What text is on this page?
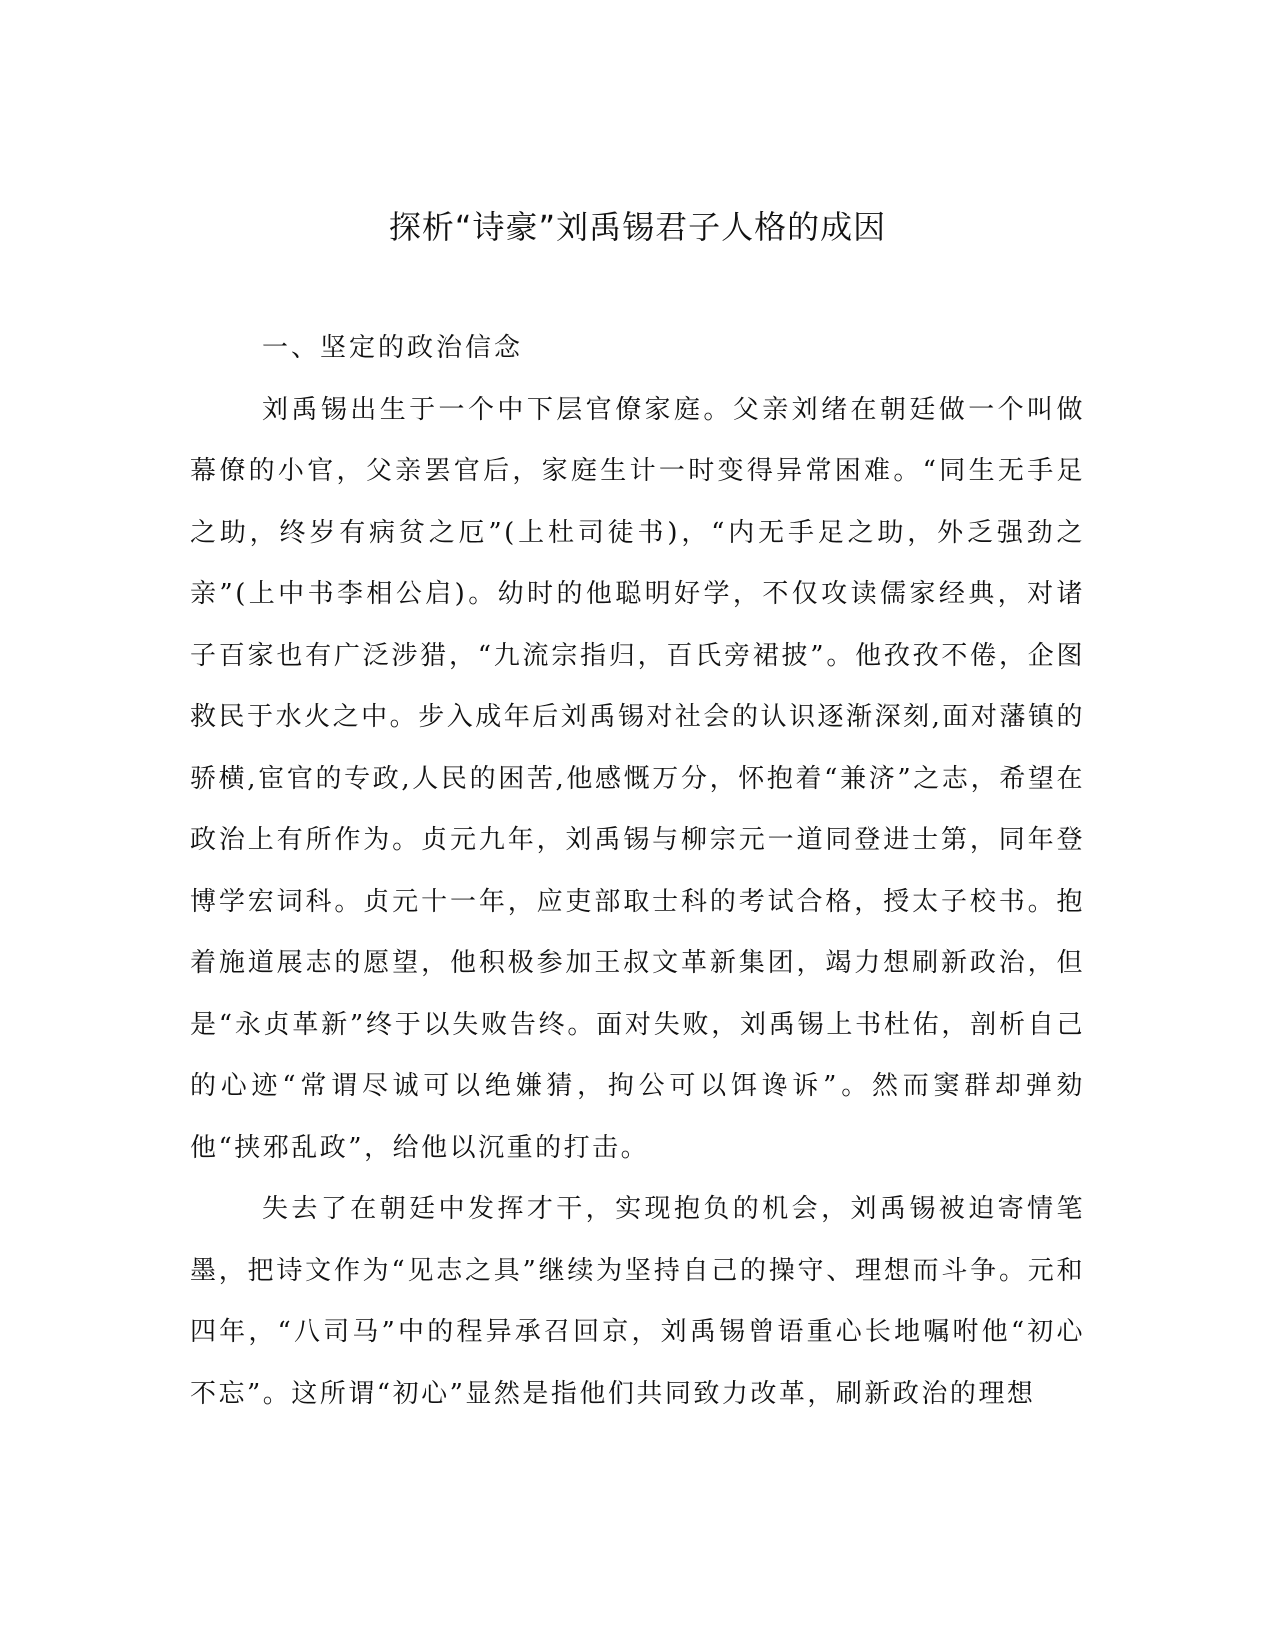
探析“诗豪”刘禹锡君子人格的成因
一、坚定的政治信念

刘禹锡出生于一个中下层官僚家庭。父亲刘绪在朝廷做一个叫做幕僚的小官，父亲罢官后，家庭生计一时变得异常困难。“同生无手足之助，终岁有病贫之厄”(上杜司徒书)，“内无手足之助，外乏强劲之亲”(上中书李相公启)。幼时的他聪明好学，不仅攻读儒家经典，对诸子百家也有广泛涉猎，“九流宗指归，百氏旁裙披”。他孜孜不倦，企图救民于水火之中。步入成年后刘禹锡对社会的认识逐渐深刻,面对藩镇的骄横,宦官的专政,人民的困苦,他感慨万分，怀抱着“兼济”之志，希望在政治上有所作为。贞元九年，刘禹锡与柳宗元一道同登进士第，同年登博学宏词科。贞元十一年，应吏部取士科的考试合格，授太子校书。抱着施道展志的愿望，他积极参加王叔文革新集团，竭力想刷新政治，但是“永贞革新”终于以失败告终。面对失败，刘禹锡上书杜佑，剖析自己的心迹“常谓尽诚可以绝嫌猜，拘公可以饵谗诉”。然而窦群却弹劾他“挟邪乱政”，给他以沉重的打击。

失去了在朝廷中发挥才干，实现抱负的机会，刘禹锡被迫寄情笔墨，把诗文作为“见志之具”继续为坚持自己的操守、理想而斗争。元和四年，“八司马”中的程异承召回京，刘禹锡曾语重心长地嘱咐他“初心不忘”。这所谓“初心”显然是指他们共同致力改革，刷新政治的理想
